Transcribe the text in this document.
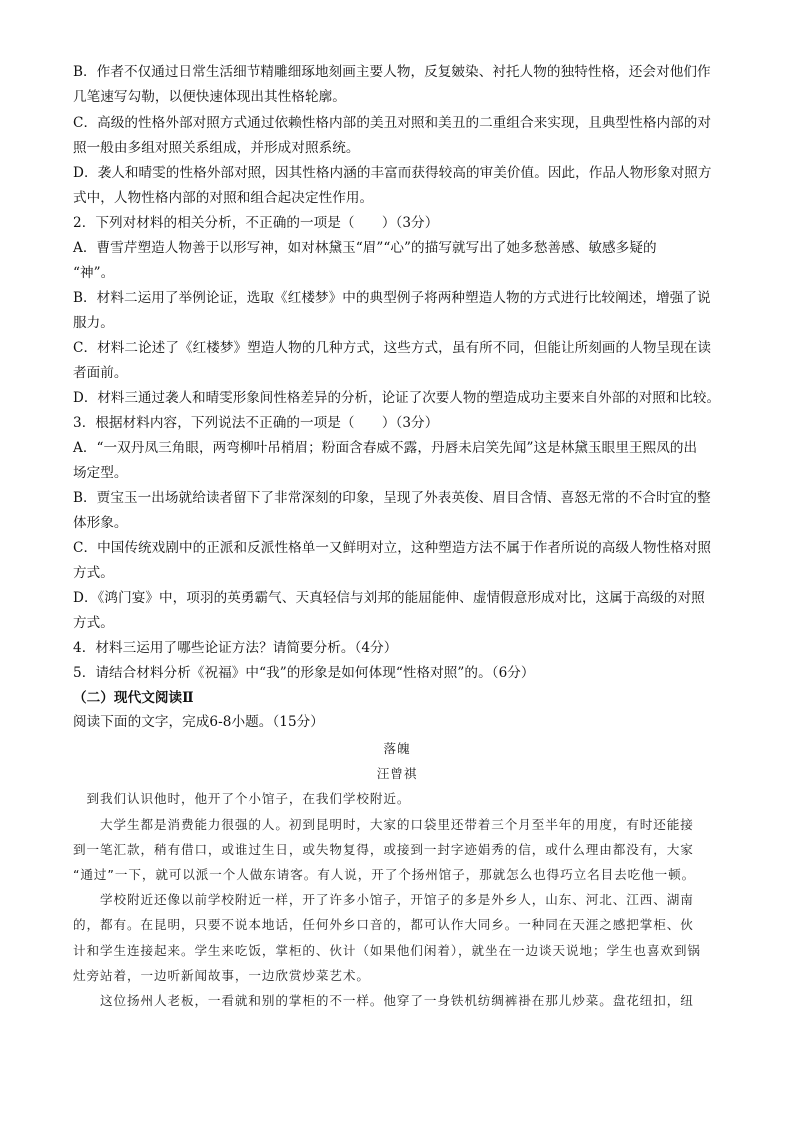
B．作者不仅通过日常生活细节精雕细琢地刻画主要人物，反复皴染、衬托人物的独特性格，还会对他们作
几笔速写勾勒，以便快速体现出其性格轮廓。
C．高级的性格外部对照方式通过依赖性格内部的美丑对照和美丑的二重组合来实现，且典型性格内部的对
照一般由多组对照关系组成，并形成对照系统。
D．袭人和晴雯的性格外部对照，因其性格内涵的丰富而获得较高的审美价值。因此，作品人物形象对照方
式中，人物性格内部的对照和组合起决定性作用。
2．下列对材料的相关分析，不正确的一项是（　　）（3分）
A．曹雪芹塑造人物善于以形写神，如对林黛玉“眉”“心”的描写就写出了她多愁善感、敏感多疑的
“神”。
B．材料二运用了举例论证，选取《红楼梦》中的典型例子将两种塑造人物的方式进行比较阐述，增强了说
服力。
C．材料二论述了《红楼梦》塑造人物的几种方式，这些方式，虽有所不同，但能让所刻画的人物呈现在读
者面前。
D．材料三通过袭人和晴雯形象间性格差异的分析，论证了次要人物的塑造成功主要来自外部的对照和比较。
3．根据材料内容，下列说法不正确的一项是（　　）（3分）
A．“一双丹凤三角眼，两弯柳叶吊梢眉；粉面含春威不露，丹唇未启笑先闻”这是林黛玉眼里王熙凤的出
场定型。
B．贾宝玉一出场就给读者留下了非常深刻的印象，呈现了外表英俊、眉目含情、喜怒无常的不合时宜的整
体形象。
C．中国传统戏剧中的正派和反派性格单一又鲜明对立，这种塑造方法不属于作者所说的高级人物性格对照
方式。
D．《鸿门宴》中，项羽的英勇霸气、天真轻信与刘邦的能屈能伸、虚情假意形成对比，这属于高级的对照
方式。
4．材料三运用了哪些论证方法？请简要分析。（4分）
5．请结合材料分析《祝福》中“我”的形象是如何体现“性格对照”的。（6分）
（二）现代文阅读Ⅱ
阅读下面的文字，完成6-8小题。（15分）
落魄
汪曾祺
　到我们认识他时，他开了个小馆子，在我们学校附近。
　　大学生都是消费能力很强的人。初到昆明时，大家的口袋里还带着三个月至半年的用度，有时还能接
到一笔汇款，稍有借口，或谁过生日，或失物复得，或接到一封字迹娟秀的信，或什么理由都没有，大家
“通过”一下，就可以派一个人做东请客。有人说，开了个扬州馆子，那就怎么也得巧立名目去吃他一顿。
　　学校附近还像以前学校附近一样，开了许多小馆子，开馆子的多是外乡人，山东、河北、江西、湖南
的，都有。在昆明，只要不说本地话，任何外乡口音的，都可认作大同乡。一种同在天涯之感把掌柜、伙
计和学生连接起来。学生来吃饭，掌柜的、伙计（如果他们闲着），就坐在一边谈天说地；学生也喜欢到锅
灶旁站着，一边听新闻故事，一边欣赏炒菜艺术。
　　这位扬州人老板，一看就和别的掌柜的不一样。他穿了一身铁机纺绸裤褂在那儿炒菜。盘花纽扣，纽
